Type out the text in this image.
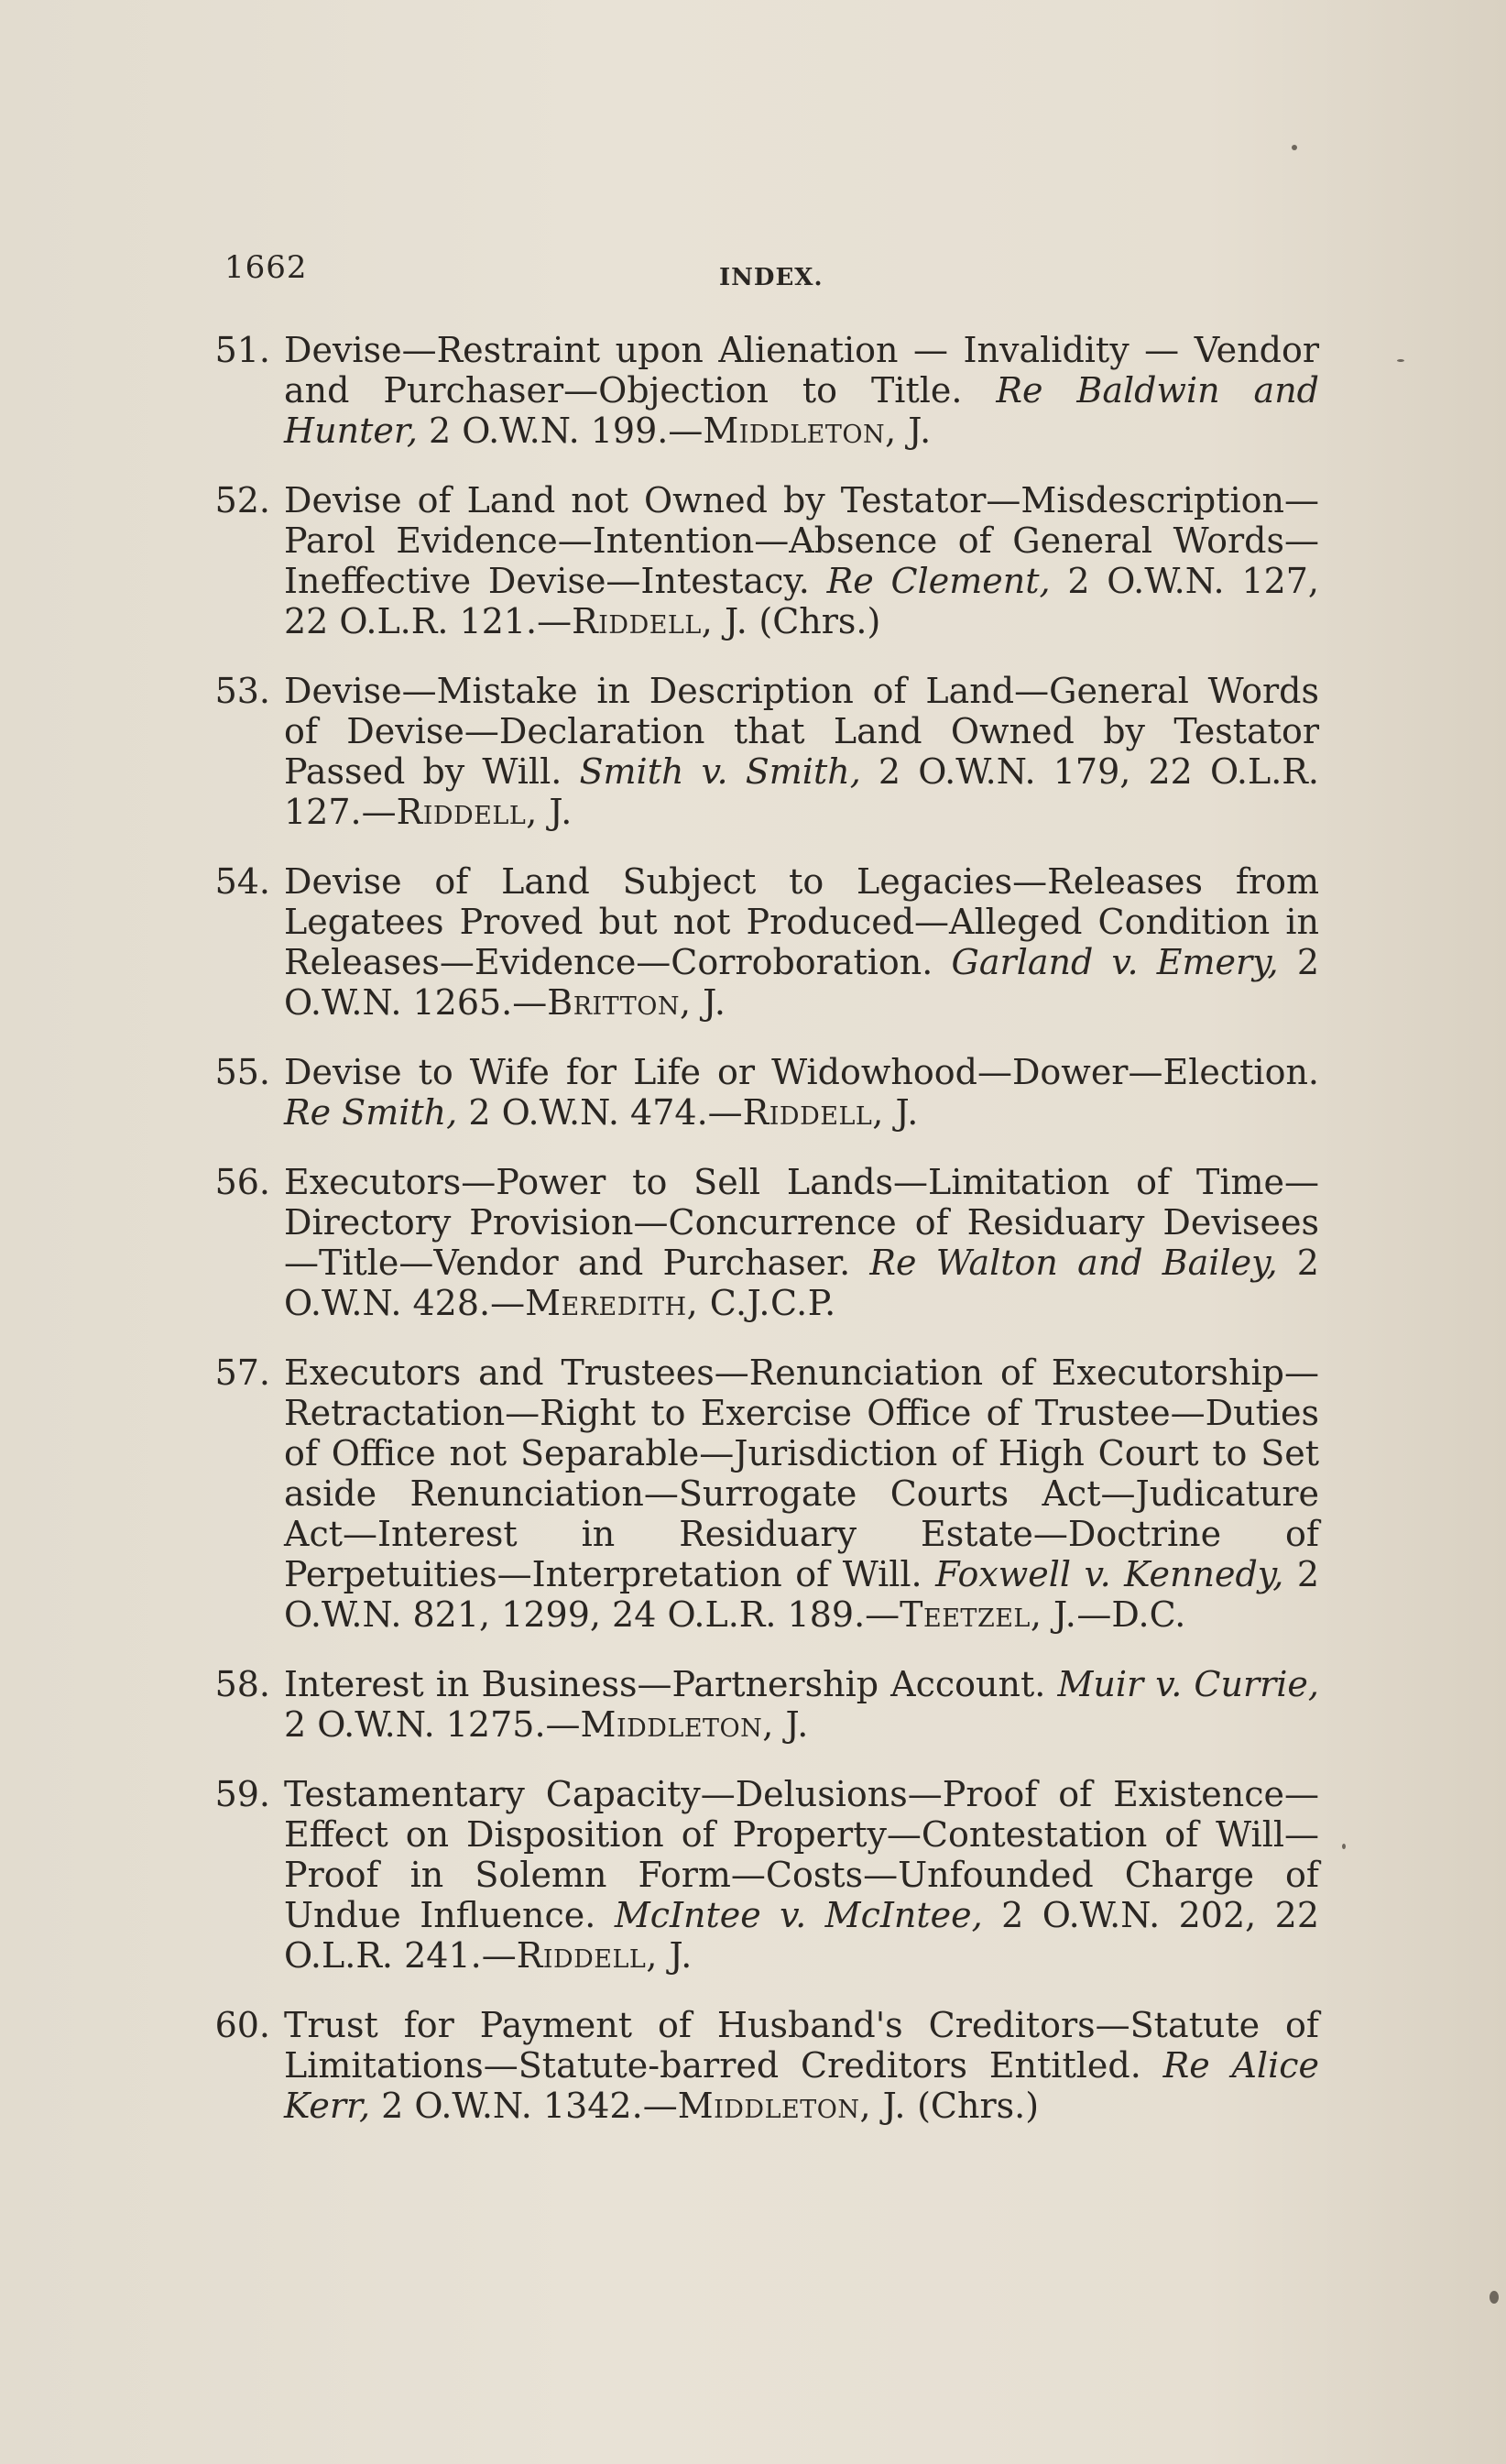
1662	INDEX.
51. Devise—Restraint upon Alienation — Invalidity — Vendor and Purchaser—Objection to Title. Re Baldwin and Hunter, 2 O.W.N. 199.—Middleton, J.
52. Devise of Land not Owned by Testator—Misdescription—Parol Evidence—Intention—Absence of General Words—Ineffective Devise—Intestacy. Re Clement, 2 O.W.N. 127, 22 O.L.R. 121.—Riddell, J. (Chrs.)
53. Devise—Mistake in Description of Land—General Words of Devise—Declaration that Land Owned by Testator Passed by Will. Smith v. Smith, 2 O.W.N. 179, 22 O.L.R. 127.—Riddell, J.
54. Devise of Land Subject to Legacies—Releases from Legatees Proved but not Produced—Alleged Condition in Releases—Evidence—Corroboration. Garland v. Emery, 2 O.W.N. 1265.—Britton, J.
55. Devise to Wife for Life or Widowhood—Dower—Election. Re Smith, 2 O.W.N. 474.—Riddell, J.
56. Executors—Power to Sell Lands—Limitation of Time—Directory Provision—Concurrence of Residuary Devisees—Title—Vendor and Purchaser. Re Walton and Bailey, 2 O.W.N. 428.—Meredith, C.J.C.P.
57. Executors and Trustees—Renunciation of Executorship—Retractation—Right to Exercise Office of Trustee—Duties of Office not Separable—Jurisdiction of High Court to Set aside Renunciation—Surrogate Courts Act—Judicature Act—Interest in Residuary Estate—Doctrine of Perpetuities—Interpretation of Will. Foxwell v. Kennedy, 2 O.W.N. 821, 1299, 24 O.L.R. 189.—Teetzel, J.—D.C.
58. Interest in Business—Partnership Account. Muir v. Currie, 2 O.W.N. 1275.—Middleton, J.
59. Testamentary Capacity—Delusions—Proof of Existence—Effect on Disposition of Property—Contestation of Will—Proof in Solemn Form—Costs—Unfounded Charge of Undue Influence. McIntee v. McIntee, 2 O.W.N. 202, 22 O.L.R. 241.—Riddell, J.
60. Trust for Payment of Husband's Creditors—Statute of Limitations—Statute-barred Creditors Entitled. Re Alice Kerr, 2 O.W.N. 1342.—Middleton, J. (Chrs.)
